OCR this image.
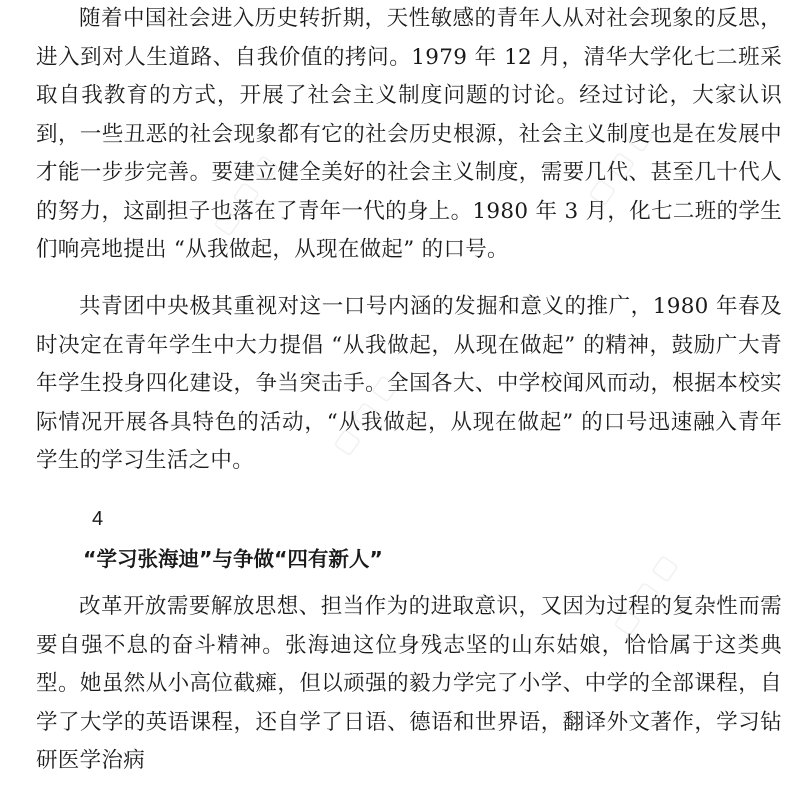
随着中国社会进入历史转折期，天性敏感的青年人从对社会现象的反思，进入到对人生道路、自我价值的拷问。1979 年 12 月，清华大学化七二班采取自我教育的方式，开展了社会主义制度问题的讨论。经过讨论，大家认识到，一些丑恶的社会现象都有它的社会历史根源，社会主义制度也是在发展中才能一步步完善。要建立健全美好的社会主义制度，需要几代、甚至几十代人的努力，这副担子也落在了青年一代的身上。1980 年 3 月，化七二班的学生们响亮地提出 “从我做起，从现在做起” 的口号。

共青团中央极其重视对这一口号内涵的发掘和意义的推广，1980 年春及时决定在青年学生中大力提倡 “从我做起，从现在做起” 的精神，鼓励广大青年学生投身四化建设，争当突击手。全国各大、中学校闻风而动，根据本校实际情况开展各具特色的活动，“从我做起，从现在做起” 的口号迅速融入青年学生的学习生活之中。

4
“学习张海迪”与争做“四有新人”

改革开放需要解放思想、担当作为的进取意识，又因为过程的复杂性而需要自强不息的奋斗精神。张海迪这位身残志坚的山东姑娘，恰恰属于这类典型。她虽然从小高位截瘫，但以顽强的毅力学完了小学、中学的全部课程，自学了大学的英语课程，还自学了日语、德语和世界语，翻译外文著作，学习钻研医学治病

▢ ▢ ▢
▢ ▢ ▢
▢ ▢ ▢
▢ ▢ ▢
